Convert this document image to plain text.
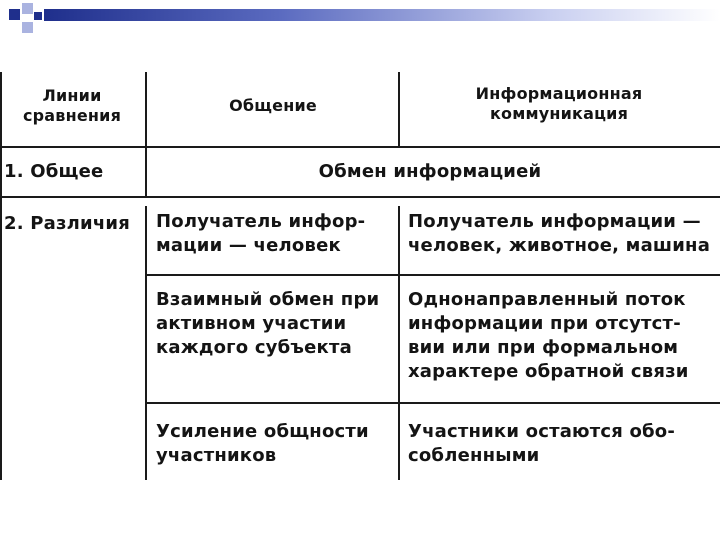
Линии
сравнения
Общение
Информационная
коммуникация
1. Общее	Обмен информацией
2. Различия	Получатель инфор-
мации — человек
Получатель информации —
человек, животное, машина
Взаимный обмен при
активном участии
каждого субъекта
Однонаправленный поток
информации при отсутст-
вии или при формальном
характере обратной связи
Усиление общности
участников
Участники остаются обо-
собленными
